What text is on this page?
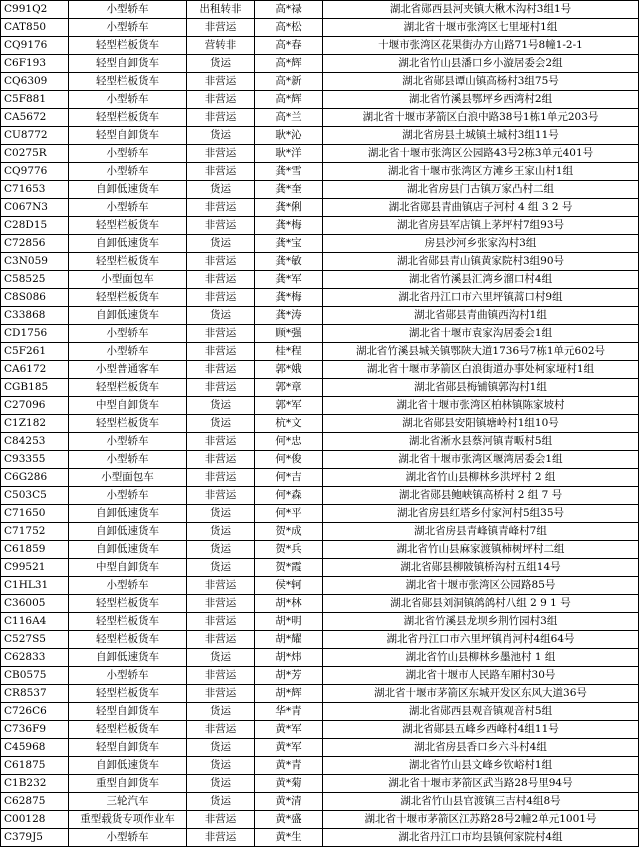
C991Q2	小型轿车	出租转非	高*禄	湖北省郧西县河夹镇大楸木沟村3组1号
CAT850	小型轿车	非营运	高*松	湖北省十堰市张湾区七里垭村1组
CQ9176	轻型栏板货车	营转非	高*春	十堰市张湾区花果街办方山路71号8幢1-2-1
C6F193	轻型自卸货车	货运	高*辉	湖北省竹山县潘口乡小漩居委会2组
CQ6309	轻型栏板货车	非营运	高*新	湖北省郧县谭山镇高杨村3组75号
C5F881	小型轿车	非营运	高*辉	湖北省竹溪县鄂坪乡西湾村2组
CA5672	轻型栏板货车	非营运	高*兰	湖北省十堰市茅箭区白浪中路38号1栋1单元203号
CU8772	轻型自卸货车	货运	耿*沁	湖北省房县土城镇土城村3组11号
C0275R	小型轿车	非营运	耿*洋	湖北省十堰市张湾区公园路43号2栋3单元401号
CQ9776	小型轿车	非营运	龚*雪	湖北省十堰市张湾区方滩乡王家山村1组
C71653	自卸低速货车	货运	龚*奎	湖北省房县门古镇万家凸村二组
C067N3	小型轿车	非营运	龚*俐	湖北省郧县青曲镇店子河村 4 组 3 2 号
C28D15	轻型栏板货车	非营运	龚*梅	湖北省房县军店镇上茅坪村7组93号
C72856	自卸低速货车	货运	龚*宝	房县沙河乡张家沟村3组
C3N059	轻型栏板货车	非营运	龚*敏	湖北省郧县青山镇黄家院村3组90号
C58525	小型面包车	非营运	龚*军	湖北省竹溪县汇湾乡溜口村4组
C8S086	轻型栏板货车	非营运	龚*梅	湖北省丹江口市六里坪镇蒿口村9组
C33868	自卸低速货车	货运	龚*涛	湖北省郧县青曲镇西沟村1组
CD1756	小型轿车	非营运	顾*强	湖北省十堰市袁家沟居委会1组
C5F261	小型轿车	非营运	桂*程	湖北省竹溪县城关镇鄂陕大道1736号7栋1单元602号
CA6172	小型普通客车	非营运	郭*娥	湖北省十堰市茅箭区白浪街道办事处柯家垭村1组
CGB185	轻型栏板货车	非营运	郭*章	湖北省郧县梅铺镇郭沟村1组
C27096	中型自卸货车	货运	郭*军	湖北省十堰市张湾区柏林镇陈家坡村
C1Z182	轻型栏板货车	货运	杭*文	湖北省郧县安阳镇塘岭村1组10号
C84253	小型轿车	非营运	何*忠	湖北省淅水县蔡河镇青畈村5组
C93355	小型轿车	非营运	何*俊	湖北省十堰市张湾区堰湾居委会1组
C6G286	小型面包车	非营运	何*吉	湖北省竹山县柳林乡洪坪村 2 组
C503C5	小型轿车	非营运	何*森	湖北省郧县鲍峡镇高桥村 2 组 7 号
C71650	自卸低速货车	货运	何*平	湖北省房县红塔乡付家河村5组35号
C71752	自卸低速货车	货运	贺*成	湖北省房县青峰镇青峰村7组
C61859	自卸低速货车	货运	贺*兵	湖北省竹山县麻家渡镇柿树坪村二组
C99521	中型自卸货车	货运	贺*霞	湖北省郧县柳陂镇桥沟村五组14号
C1HL31	小型轿车	非营运	侯*轲	湖北省十堰市张湾区公园路85号
C36005	轻型栏板货车	非营运	胡*林	湖北省郧县刘洞镇鸽鸽村八组 2 9 1 号
C116A4	轻型栏板货车	非营运	胡*明	湖北省竹溪县龙坝乡荆竹园村3组
C527S5	轻型栏板货车	非营运	胡*耀	湖北省丹江口市六里坪镇肖河村4组64号
C62833	自卸低速货车	货运	胡*炜	湖北省竹山县柳林乡墨池村 1 组
CB0575	小型轿车	非营运	胡*芳	湖北省十堰市人民路车厢村30号
CR8537	轻型栏板货车	非营运	胡*辉	湖北省十堰市茅箭区东城开发区东风大道36号
C726C6	轻型自卸货车	货运	华*青	湖北省郧西县观音镇观音村5组
C736F9	轻型栏板货车	非营运	黄*军	湖北省郧县五峰乡西峰村4组11号
C45968	轻型自卸货车	货运	黄*军	湖北省房县香口乡六斗村4组
C61875	自卸低速货车	货运	黄*青	湖北省竹山县文峰乡钦峪村1组
C1B232	重型自卸货车	货运	黄*菊	湖北省十堰市茅箭区武当路28号里94号
C62875	三轮汽车	货运	黄*清	湖北省竹山县官渡镇三吉村4组8号
C00128	重型载货专项作业车	非营运	黄*盛	湖北省十堰市茅箭区江苏路28号2幢2单元1001号
C379J5	小型轿车	非营运	黄*生	湖北省丹江口市均县镇何家院村4组
